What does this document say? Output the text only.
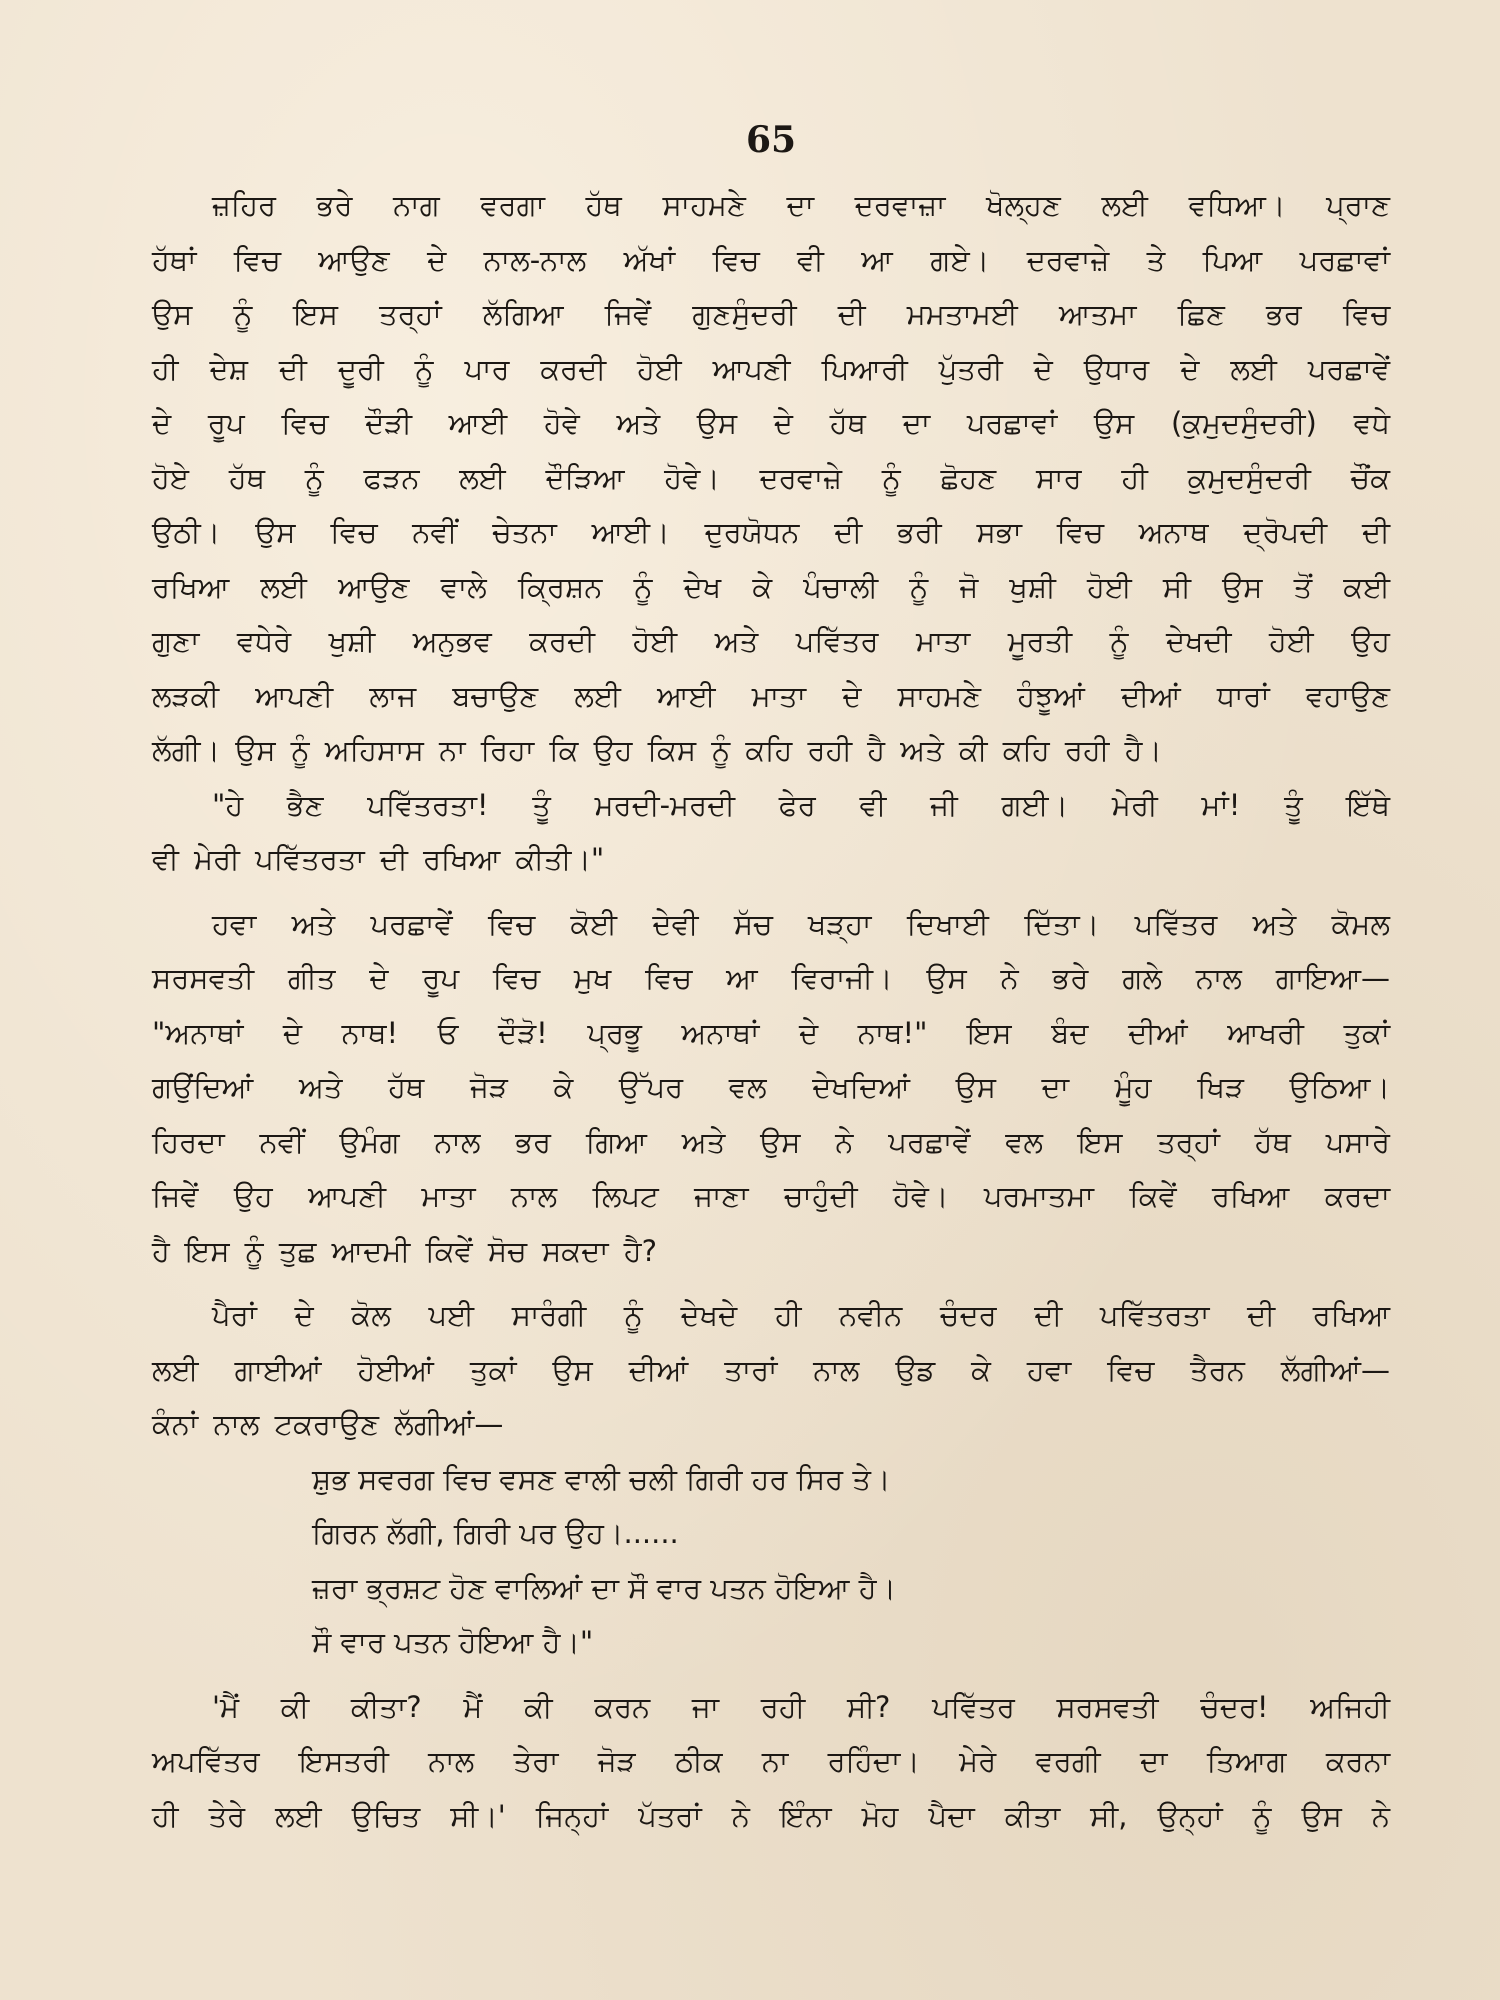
65
ਜ਼ਹਿਰ ਭਰੇ ਨਾਗ ਵਰਗਾ ਹੱਥ ਸਾਹਮਣੇ ਦਾ ਦਰਵਾਜ਼ਾ ਖੋਲ੍ਹਣ ਲਈ ਵਧਿਆ। ਪ੍ਰਾਣ
ਹੱਥਾਂ ਵਿਚ ਆਉਣ ਦੇ ਨਾਲ-ਨਾਲ ਅੱਖਾਂ ਵਿਚ ਵੀ ਆ ਗਏ। ਦਰਵਾਜ਼ੇ ਤੇ ਪਿਆ ਪਰਛਾਵਾਂ
ਉਸ ਨੂੰ ਇਸ ਤਰ੍ਹਾਂ ਲੱਗਿਆ ਜਿਵੇਂ ਗੁਣਸੁੰਦਰੀ ਦੀ ਮਮਤਾਮਈ ਆਤਮਾ ਛਿਣ ਭਰ ਵਿਚ
ਹੀ ਦੇਸ਼ ਦੀ ਦੂਰੀ ਨੂੰ ਪਾਰ ਕਰਦੀ ਹੋਈ ਆਪਣੀ ਪਿਆਰੀ ਪੁੱਤਰੀ ਦੇ ਉਧਾਰ ਦੇ ਲਈ ਪਰਛਾਵੇਂ
ਦੇ ਰੂਪ ਵਿਚ ਦੌੜੀ ਆਈ ਹੋਵੇ ਅਤੇ ਉਸ ਦੇ ਹੱਥ ਦਾ ਪਰਛਾਵਾਂ ਉਸ (ਕੁਮੁਦਸੁੰਦਰੀ) ਵਧੇ
ਹੋਏ ਹੱਥ ਨੂੰ ਫੜਨ ਲਈ ਦੌੜਿਆ ਹੋਵੇ। ਦਰਵਾਜ਼ੇ ਨੂੰ ਛੋਹਣ ਸਾਰ ਹੀ ਕੁਮੁਦਸੁੰਦਰੀ ਚੌਂਕ
ਉਠੀ। ਉਸ ਵਿਚ ਨਵੀਂ ਚੇਤਨਾ ਆਈ। ਦੁਰਯੋਧਨ ਦੀ ਭਰੀ ਸਭਾ ਵਿਚ ਅਨਾਥ ਦ੍ਰੋਪਦੀ ਦੀ
ਰਖਿਆ ਲਈ ਆਉਣ ਵਾਲੇ ਕ੍ਰਿਸ਼ਨ ਨੂੰ ਦੇਖ ਕੇ ਪੰਚਾਲੀ ਨੂੰ ਜੋ ਖੁਸ਼ੀ ਹੋਈ ਸੀ ਉਸ ਤੋਂ ਕਈ
ਗੁਣਾ ਵਧੇਰੇ ਖੁਸ਼ੀ ਅਨੁਭਵ ਕਰਦੀ ਹੋਈ ਅਤੇ ਪਵਿੱਤਰ ਮਾਤਾ ਮੂਰਤੀ ਨੂੰ ਦੇਖਦੀ ਹੋਈ ਉਹ
ਲੜਕੀ ਆਪਣੀ ਲਾਜ ਬਚਾਉਣ ਲਈ ਆਈ ਮਾਤਾ ਦੇ ਸਾਹਮਣੇ ਹੰਝੂਆਂ ਦੀਆਂ ਧਾਰਾਂ ਵਹਾਉਣ
ਲੱਗੀ। ਉਸ ਨੂੰ ਅਹਿਸਾਸ ਨਾ ਰਿਹਾ ਕਿ ਉਹ ਕਿਸ ਨੂੰ ਕਹਿ ਰਹੀ ਹੈ ਅਤੇ ਕੀ ਕਹਿ ਰਹੀ ਹੈ।
"ਹੇ ਭੈਣ ਪਵਿੱਤਰਤਾ! ਤੂੰ ਮਰਦੀ-ਮਰਦੀ ਫੇਰ ਵੀ ਜੀ ਗਈ। ਮੇਰੀ ਮਾਂ! ਤੂੰ ਇੱਥੇ
ਵੀ ਮੇਰੀ ਪਵਿੱਤਰਤਾ ਦੀ ਰਖਿਆ ਕੀਤੀ।"
ਹਵਾ ਅਤੇ ਪਰਛਾਵੇਂ ਵਿਚ ਕੋਈ ਦੇਵੀ ਸੱਚ ਖੜ੍ਹਾ ਦਿਖਾਈ ਦਿੱਤਾ। ਪਵਿੱਤਰ ਅਤੇ ਕੋਮਲ
ਸਰਸਵਤੀ ਗੀਤ ਦੇ ਰੂਪ ਵਿਚ ਮੁਖ ਵਿਚ ਆ ਵਿਰਾਜੀ। ਉਸ ਨੇ ਭਰੇ ਗਲੇ ਨਾਲ ਗਾਇਆ—
"ਅਨਾਥਾਂ ਦੇ ਨਾਥ! ਓ ਦੌੜੋ! ਪ੍ਰਭੂ ਅਨਾਥਾਂ ਦੇ ਨਾਥ!" ਇਸ ਬੰਦ ਦੀਆਂ ਆਖਰੀ ਤੁਕਾਂ
ਗਉਂਦਿਆਂ ਅਤੇ ਹੱਥ ਜੋੜ ਕੇ ਉੱਪਰ ਵਲ ਦੇਖਦਿਆਂ ਉਸ ਦਾ ਮੂੰਹ ਖਿੜ ਉਠਿਆ।
ਹਿਰਦਾ ਨਵੀਂ ਉਮੰਗ ਨਾਲ ਭਰ ਗਿਆ ਅਤੇ ਉਸ ਨੇ ਪਰਛਾਵੇਂ ਵਲ ਇਸ ਤਰ੍ਹਾਂ ਹੱਥ ਪਸਾਰੇ
ਜਿਵੇਂ ਉਹ ਆਪਣੀ ਮਾਤਾ ਨਾਲ ਲਿਪਟ ਜਾਣਾ ਚਾਹੁੰਦੀ ਹੋਵੇ। ਪਰਮਾਤਮਾ ਕਿਵੇਂ ਰਖਿਆ ਕਰਦਾ
ਹੈ ਇਸ ਨੂੰ ਤੁਛ ਆਦਮੀ ਕਿਵੇਂ ਸੋਚ ਸਕਦਾ ਹੈ?
ਪੈਰਾਂ ਦੇ ਕੋਲ ਪਈ ਸਾਰੰਗੀ ਨੂੰ ਦੇਖਦੇ ਹੀ ਨਵੀਨ ਚੰਦਰ ਦੀ ਪਵਿੱਤਰਤਾ ਦੀ ਰਖਿਆ
ਲਈ ਗਾਈਆਂ ਹੋਈਆਂ ਤੁਕਾਂ ਉਸ ਦੀਆਂ ਤਾਰਾਂ ਨਾਲ ਉਡ ਕੇ ਹਵਾ ਵਿਚ ਤੈਰਨ ਲੱਗੀਆਂ—
ਕੰਨਾਂ ਨਾਲ ਟਕਰਾਉਣ ਲੱਗੀਆਂ—
ਸ਼ੁਭ ਸਵਰਗ ਵਿਚ ਵਸਣ ਵਾਲੀ ਚਲੀ ਗਿਰੀ ਹਰ ਸਿਰ ਤੇ।
ਗਿਰਨ ਲੱਗੀ, ਗਿਰੀ ਪਰ ਉਹ।......
ਜ਼ਰਾ ਭ੍ਰਸ਼ਟ ਹੋਣ ਵਾਲਿਆਂ ਦਾ ਸੌ ਵਾਰ ਪਤਨ ਹੋਇਆ ਹੈ।
ਸੌ ਵਾਰ ਪਤਨ ਹੋਇਆ ਹੈ।"
'ਮੈਂ ਕੀ ਕੀਤਾ? ਮੈਂ ਕੀ ਕਰਨ ਜਾ ਰਹੀ ਸੀ? ਪਵਿੱਤਰ ਸਰਸਵਤੀ ਚੰਦਰ! ਅਜਿਹੀ
ਅਪਵਿੱਤਰ ਇਸਤਰੀ ਨਾਲ ਤੇਰਾ ਜੋੜ ਠੀਕ ਨਾ ਰਹਿੰਦਾ। ਮੇਰੇ ਵਰਗੀ ਦਾ ਤਿਆਗ ਕਰਨਾ
ਹੀ ਤੇਰੇ ਲਈ ਉਚਿਤ ਸੀ।' ਜਿਨ੍ਹਾਂ ਪੱਤਰਾਂ ਨੇ ਇੰਨਾ ਮੋਹ ਪੈਦਾ ਕੀਤਾ ਸੀ, ਉਨ੍ਹਾਂ ਨੂੰ ਉਸ ਨੇ
